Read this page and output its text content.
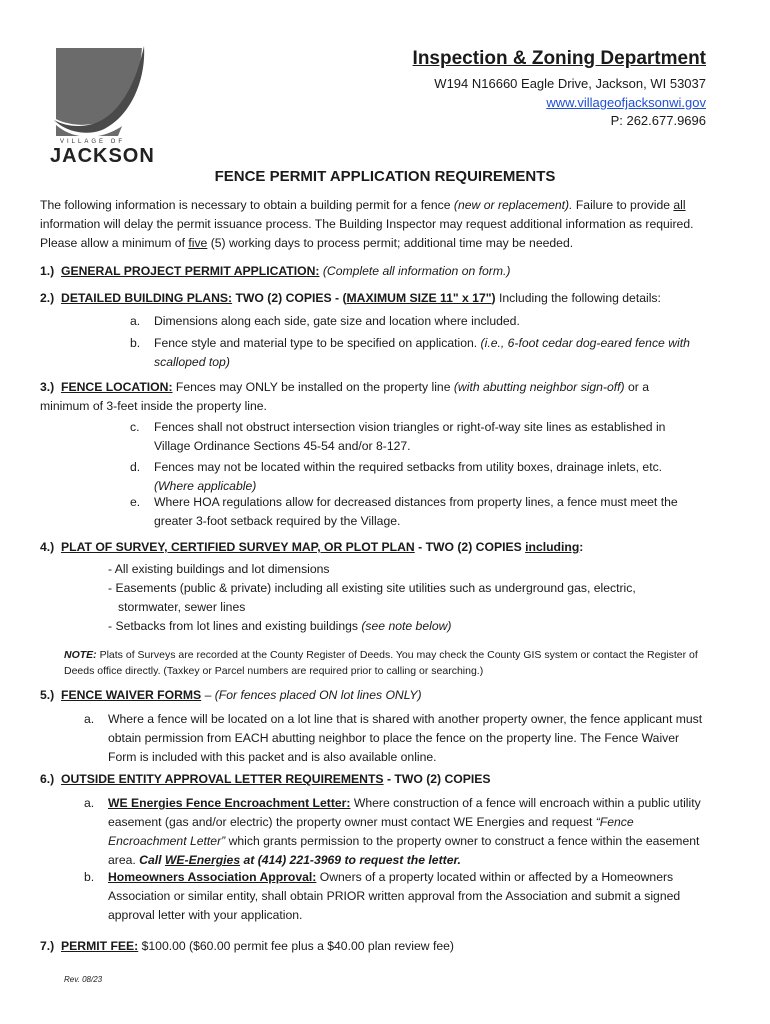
VILLAGE OF
JACKSON
Inspection & Zoning Department
W194 N16660 Eagle Drive, Jackson, WI 53037
www.villageofjacksonwi.gov
P: 262.677.9696
FENCE PERMIT APPLICATION REQUIREMENTS
The following information is necessary to obtain a building permit for a fence (new or replacement). Failure to provide all information will delay the permit issuance process. The Building Inspector may request additional information as required. Please allow a minimum of five (5) working days to process permit; additional time may be needed.
1.) GENERAL PROJECT PERMIT APPLICATION: (Complete all information on form.)
2.) DETAILED BUILDING PLANS: TWO (2) COPIES - (MAXIMUM SIZE 11" x 17") Including the following details:
a. Dimensions along each side, gate size and location where included.
b. Fence style and material type to be specified on application. (i.e., 6-foot cedar dog-eared fence with scalloped top)
3.) FENCE LOCATION: Fences may ONLY be installed on the property line (with abutting neighbor sign-off) or a minimum of 3-feet inside the property line.
c. Fences shall not obstruct intersection vision triangles or right-of-way site lines as established in Village Ordinance Sections 45-54 and/or 8-127.
d. Fences may not be located within the required setbacks from utility boxes, drainage inlets, etc. (Where applicable)
e. Where HOA regulations allow for decreased distances from property lines, a fence must meet the greater 3-foot setback required by the Village.
4.) PLAT OF SURVEY, CERTIFIED SURVEY MAP, OR PLOT PLAN - TWO (2) COPIES including:
- All existing buildings and lot dimensions
- Easements (public & private) including all existing site utilities such as underground gas, electric, stormwater, sewer lines
- Setbacks from lot lines and existing buildings (see note below)
NOTE: Plats of Surveys are recorded at the County Register of Deeds. You may check the County GIS system or contact the Register of Deeds office directly. (Taxkey or Parcel numbers are required prior to calling or searching.)
5.) FENCE WAIVER FORMS – (For fences placed ON lot lines ONLY)
a. Where a fence will be located on a lot line that is shared with another property owner, the fence applicant must obtain permission from EACH abutting neighbor to place the fence on the property line. The Fence Waiver Form is included with this packet and is also available online.
6.) OUTSIDE ENTITY APPROVAL LETTER REQUIREMENTS - TWO (2) COPIES
a. WE Energies Fence Encroachment Letter: Where construction of a fence will encroach within a public utility easement (gas and/or electric) the property owner must contact WE Energies and request “Fence Encroachment Letter” which grants permission to the property owner to construct a fence within the easement area. Call WE-Energies at (414) 221-3969 to request the letter.
b. Homeowners Association Approval: Owners of a property located within or affected by a Homeowners Association or similar entity, shall obtain PRIOR written approval from the Association and submit a signed approval letter with your application.
7.) PERMIT FEE: $100.00 ($60.00 permit fee plus a $40.00 plan review fee)
Rev. 08/23
